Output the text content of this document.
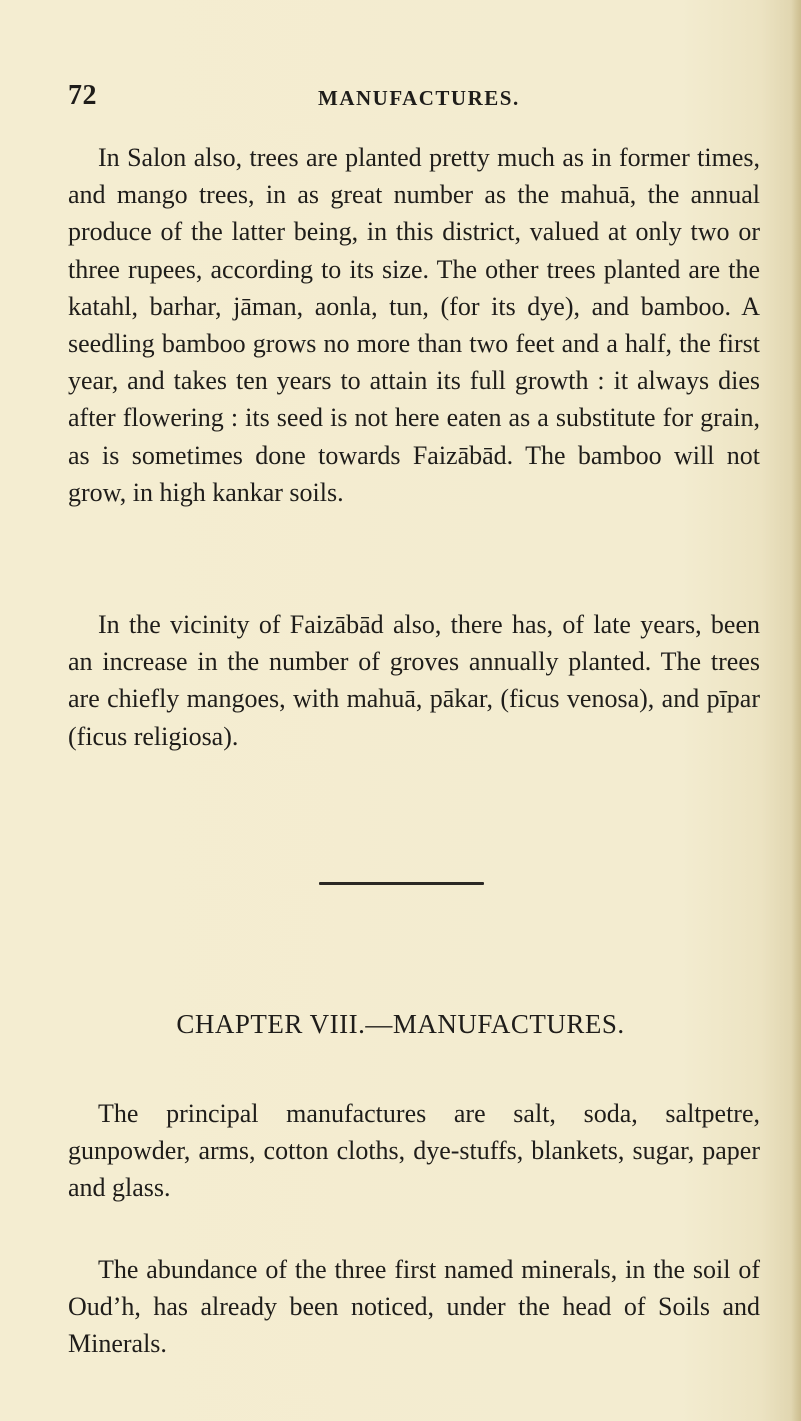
72	MANUFACTURES.

In Salon also, trees are planted pretty much as in former times, and mango trees, in as great number as the mahuā, the annual produce of the latter being, in this district, valued at only two or three rupees, according to its size. The other trees planted are the katahl, barhar, jāman, aonla, tun, (for its dye), and bamboo. A seedling bamboo grows no more than two feet and a half, the first year, and takes ten years to attain its full growth : it always dies after flowering : its seed is not here eaten as a substitute for grain, as is sometimes done towards Faizābād. The bamboo will not grow, in high kankar soils.

In the vicinity of Faizābād also, there has, of late years, been an increase in the number of groves annually planted. The trees are chiefly mangoes, with mahuā, pākar, (ficus venosa), and pīpar (ficus religiosa).

CHAPTER VIII.—MANUFACTURES.

The principal manufactures are salt, soda, saltpetre, gunpowder, arms, cotton cloths, dye-stuffs, blankets, sugar, paper and glass.

The abundance of the three first named minerals, in the soil of Oud’h, has already been noticed, under the head of Soils and Minerals.
